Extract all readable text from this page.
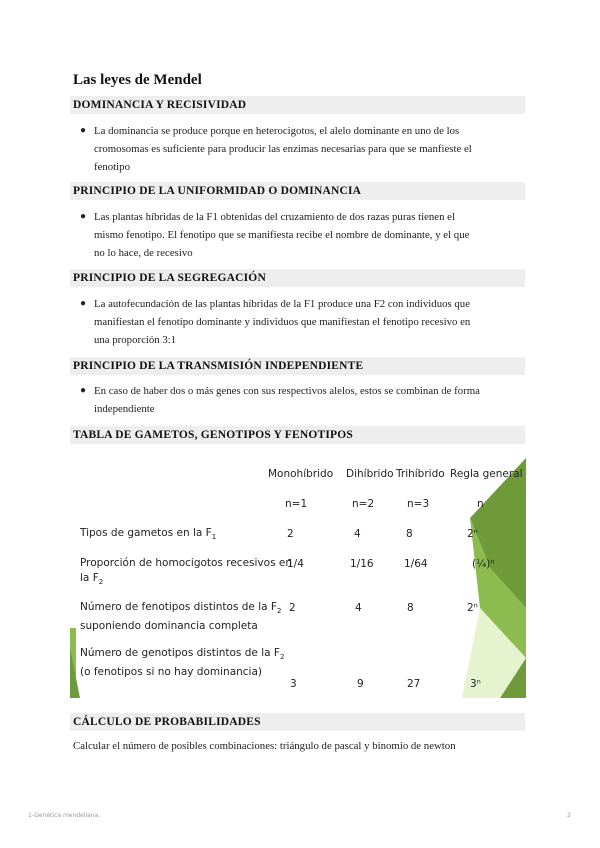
Las leyes de Mendel
DOMINANCIA Y RECISIVIDAD
● La dominancia se produce porque en heterocigotos, el alelo dominante en uno de los
cromosomas es suficiente para producir las enzimas necesarias para que se manfieste el
fenotipo
PRINCIPIO DE LA UNIFORMIDAD O DOMINANCIA
● Las plantas híbridas de la F1 obtenidas del cruzamiento de dos razas puras tienen el
mismo fenotipo. El fenotipo que se manifiesta recibe el nombre de dominante, y el que
no lo hace, de recesivo
PRINCIPIO DE LA SEGREGACIÓN
● La autofecundación de las plantas híbridas de la F1 produce una F2 con individuos que
manifiestan el fenotipo dominante y individuos que manifiestan el fenotipo recesivo en
una proporción 3:1
PRINCIPIO DE LA TRANSMISIÓN INDEPENDIENTE
● En caso de haber dos o más genes con sus respectivos alelos, estos se combinan de forma
independiente
TABLA DE GAMETOS, GENOTIPOS Y FENOTIPOS
Monohíbrido Dihíbrido Trihíbrido Regla general
n=1	n=2	n=3	n
Tipos de gametos en la $F_1$	2	4	8	2ⁿ
Proporción de homocigotos recesivos en
la $F_2$
1/4	1/16	1/64	(¼)ⁿ
Número de fenotipos distintos de la $F_2$
suponiendo dominancia completa
2	4	8	2ⁿ
Número de genotipos distintos de la $F_2$
(o fenotipos si no hay dominancia)
3	9	27	3ⁿ
CÁLCULO DE PROBABILIDADES
Calcular el número de posibles combinaciones: triángulo de pascal y binomio de newton
1-Genética mendeliana.	2
